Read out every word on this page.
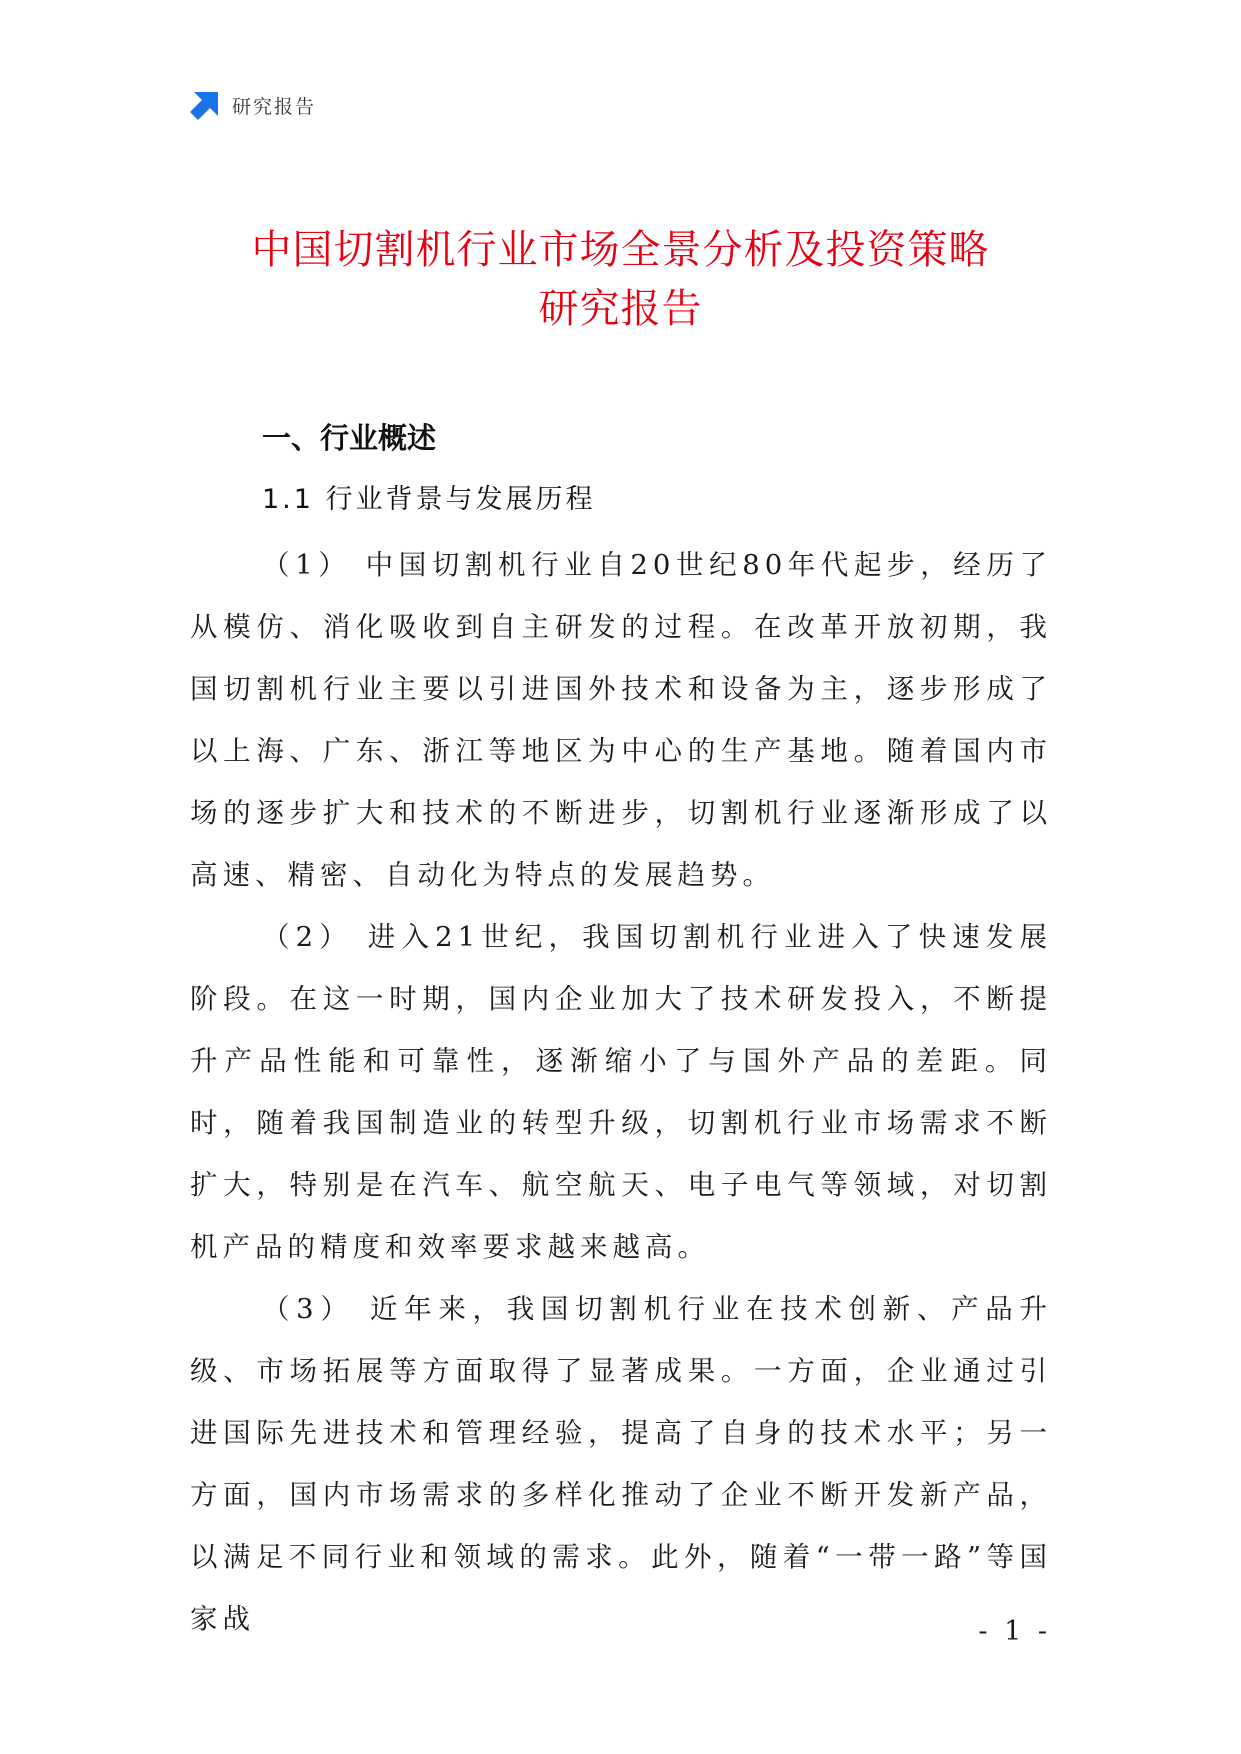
研究报告
中国切割机行业市场全景分析及投资策略
研究报告
一、行业概述
1.1 行业背景与发展历程

（1） 中国切割机行业自20世纪80年代起步，经历了从模仿、消化吸收到自主研发的过程。在改革开放初期，我国切割机行业主要以引进国外技术和设备为主，逐步形成了以上海、广东、浙江等地区为中心的生产基地。随着国内市场的逐步扩大和技术的不断进步，切割机行业逐渐形成了以高速、精密、自动化为特点的发展趋势。

（2） 进入21世纪，我国切割机行业进入了快速发展阶段。在这一时期，国内企业加大了技术研发投入，不断提升产品性能和可靠性，逐渐缩小了与国外产品的差距。同时，随着我国制造业的转型升级，切割机行业市场需求不断扩大，特别是在汽车、航空航天、电子电气等领域，对切割机产品的精度和效率要求越来越高。

（3） 近年来，我国切割机行业在技术创新、产品升级、市场拓展等方面取得了显著成果。一方面，企业通过引进国际先进技术和管理经验，提高了自身的技术水平；另一方面，国内市场需求的多样化推动了企业不断开发新产品，以满足不同行业和领域的需求。此外，随着“一带一路”等国家战	- 1 -
